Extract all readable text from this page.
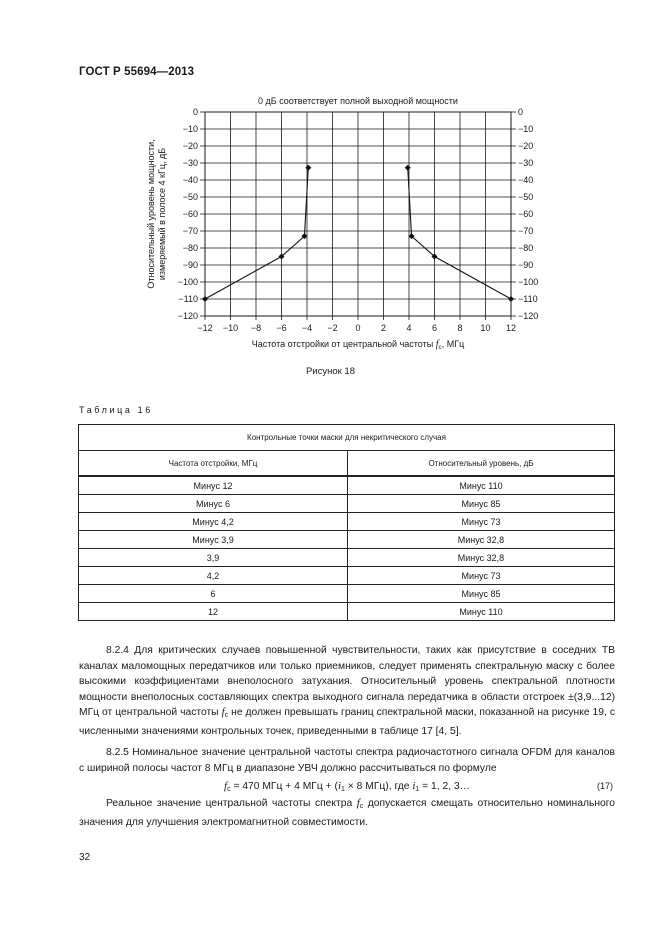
ГОСТ Р 55694—2013
0 дБ соответствует полной выходной мощности
−12 −10 −8 −6 −4 −2 0 2 4 6 8 10 12
0	0
−10	−10
−20	−20
−30	−30
−40	−40
−50	−50
−60	−60
−70	−70
−80	−80
−90	−90
−100	−100
−110	−110
−120	−120
Относительный уровень мощности, измеряемый в полосе 4 кГц, дБ
Частота отстройки от центральной частоты $f_c$, МГц
Рисунок 18
Таблица 16
Контрольные точки маски для некритического случая	
Частота отстройки, МГц	Относительный уровень, дБ
Минус 12	Минус 110
Минус 6	Минус 85
Минус 4,2	Минус 73
Минус 3,9	Минус 32,8
3,9	Минус 32,8
4,2	Минус 73
6	Минус 85
12	Минус 110
8.2.4 Для критических случаев повышенной чувствительности, таких как присутствие в соседних ТВ каналах маломощных передатчиков или только приемников, следует применять спектральную маску с более высокими коэффициентами внеполосного затухания. Относительный уровень спектральной плотности мощности внеполосных составляющих спектра выходного сигнала передатчика в области отстроек ±(3,9...12) МГц от центральной частоты $f_c$ не должен превышать границ спектральной маски, показанной на рисунке 19, с численными значениями контрольных точек, приведенными в таблице 17 [4, 5].
8.2.5 Номинальное значение центральной частоты спектра радиочастотного сигнала OFDM для каналов с шириной полосы частот 8 МГц в диапазоне УВЧ должно рассчитываться по формуле
$f_c = 470$ МГц + 4 МГц + ($i_1 \times 8$ МГц), где $i_1 = 1$, 2, 3…	(17)
Реальное значение центральной частоты спектра $f_c$ допускается смещать относительно номинального значения для улучшения электромагнитной совместимости.
32
